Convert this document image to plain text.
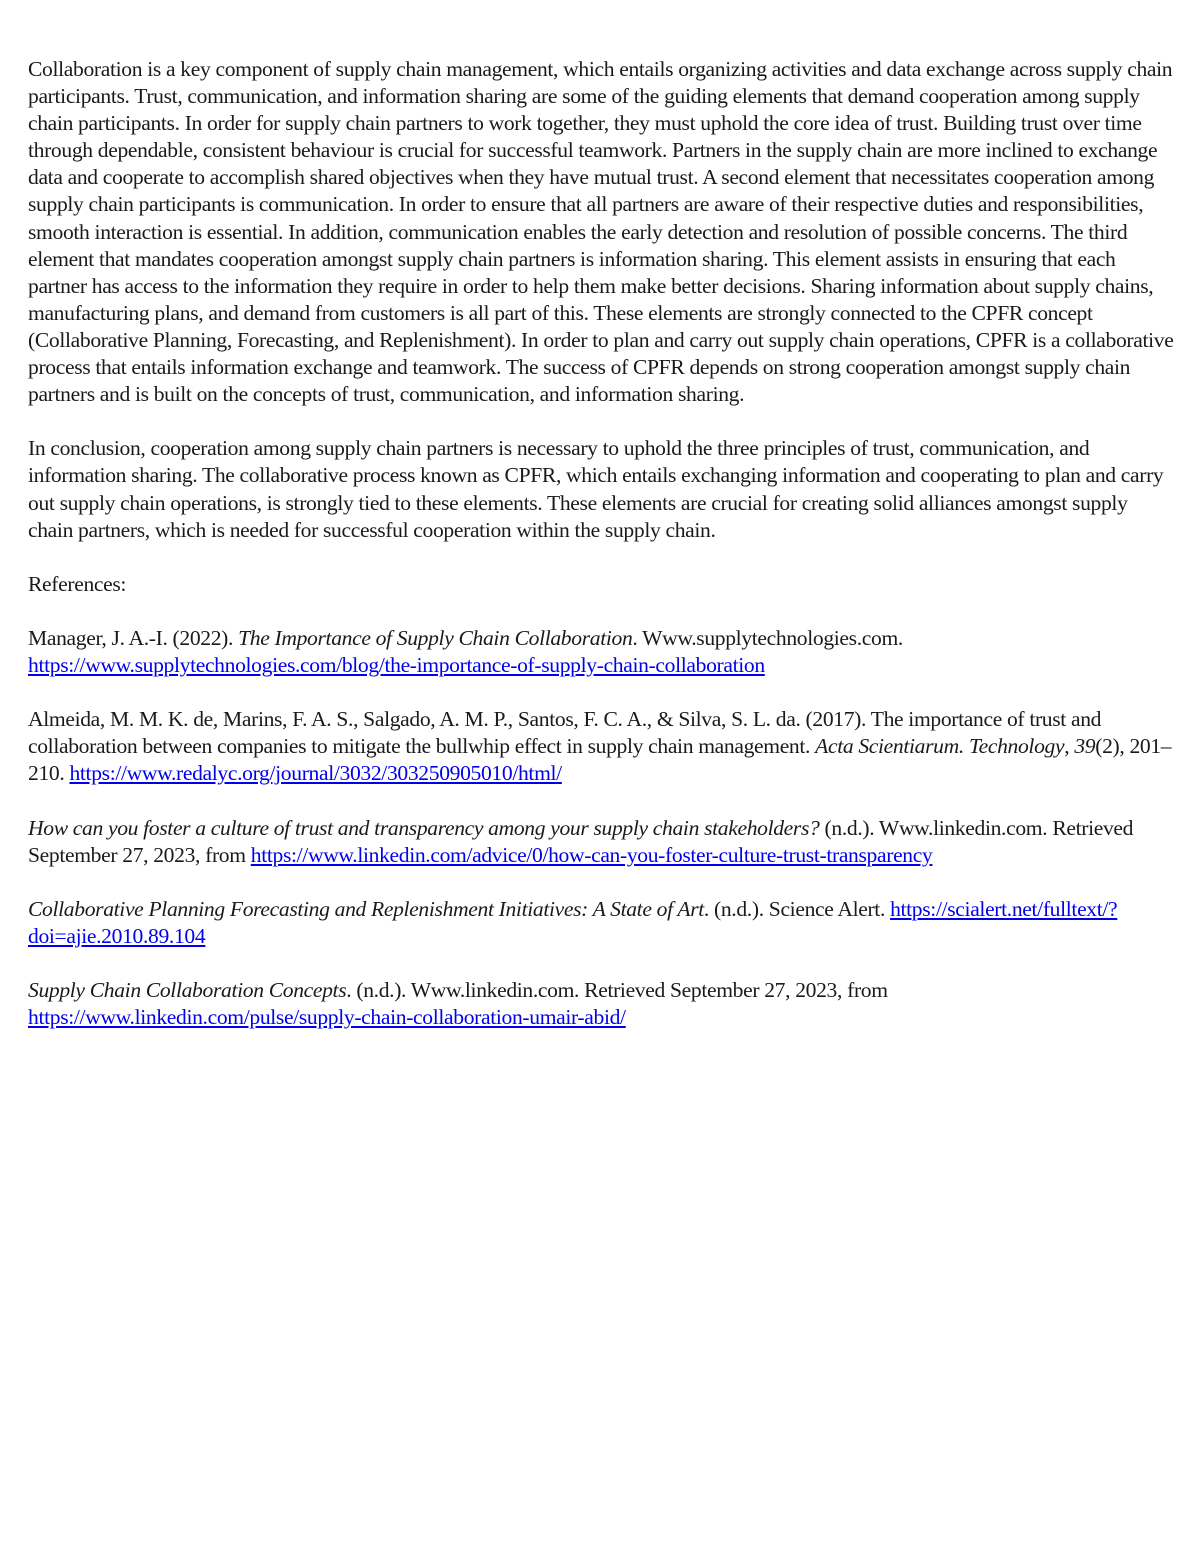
Collaboration is a key component of supply chain management, which entails organizing activities and data exchange across supply chain participants. Trust, communication, and information sharing are some of the guiding elements that demand cooperation among supply chain participants. In order for supply chain partners to work together, they must uphold the core idea of trust. Building trust over time through dependable, consistent behaviour is crucial for successful teamwork. Partners in the supply chain are more inclined to exchange data and cooperate to accomplish shared objectives when they have mutual trust. A second element that necessitates cooperation among supply chain participants is communication. In order to ensure that all partners are aware of their respective duties and responsibilities, smooth interaction is essential. In addition, communication enables the early detection and resolution of possible concerns. The third element that mandates cooperation amongst supply chain partners is information sharing. This element assists in ensuring that each partner has access to the information they require in order to help them make better decisions. Sharing information about supply chains, manufacturing plans, and demand from customers is all part of this. These elements are strongly connected to the CPFR concept (Collaborative Planning, Forecasting, and Replenishment). In order to plan and carry out supply chain operations, CPFR is a collaborative process that entails information exchange and teamwork. The success of CPFR depends on strong cooperation amongst supply chain partners and is built on the concepts of trust, communication, and information sharing.

In conclusion, cooperation among supply chain partners is necessary to uphold the three principles of trust, communication, and information sharing. The collaborative process known as CPFR, which entails exchanging information and cooperating to plan and carry out supply chain operations, is strongly tied to these elements. These elements are crucial for creating solid alliances amongst supply chain partners, which is needed for successful cooperation within the supply chain.

References:

Manager, J. A.-I. (2022). The Importance of Supply Chain Collaboration. Www.supplytechnologies.com. https://www.supplytechnologies.com/blog/the-importance-of-supply-chain-collaboration

Almeida, M. M. K. de, Marins, F. A. S., Salgado, A. M. P., Santos, F. C. A., & Silva, S. L. da. (2017). The importance of trust and collaboration between companies to mitigate the bullwhip effect in supply chain management. Acta Scientiarum. Technology, 39(2), 201–210. https://www.redalyc.org/journal/3032/303250905010/html/

How can you foster a culture of trust and transparency among your supply chain stakeholders? (n.d.). Www.linkedin.com. Retrieved September 27, 2023, from https://www.linkedin.com/advice/0/how-can-you-foster-culture-trust-transparency

Collaborative Planning Forecasting and Replenishment Initiatives: A State of Art. (n.d.). Science Alert. https://scialert.net/fulltext/?doi=ajie.2010.89.104

Supply Chain Collaboration Concepts. (n.d.). Www.linkedin.com. Retrieved September 27, 2023, from https://www.linkedin.com/pulse/supply-chain-collaboration-umair-abid/
